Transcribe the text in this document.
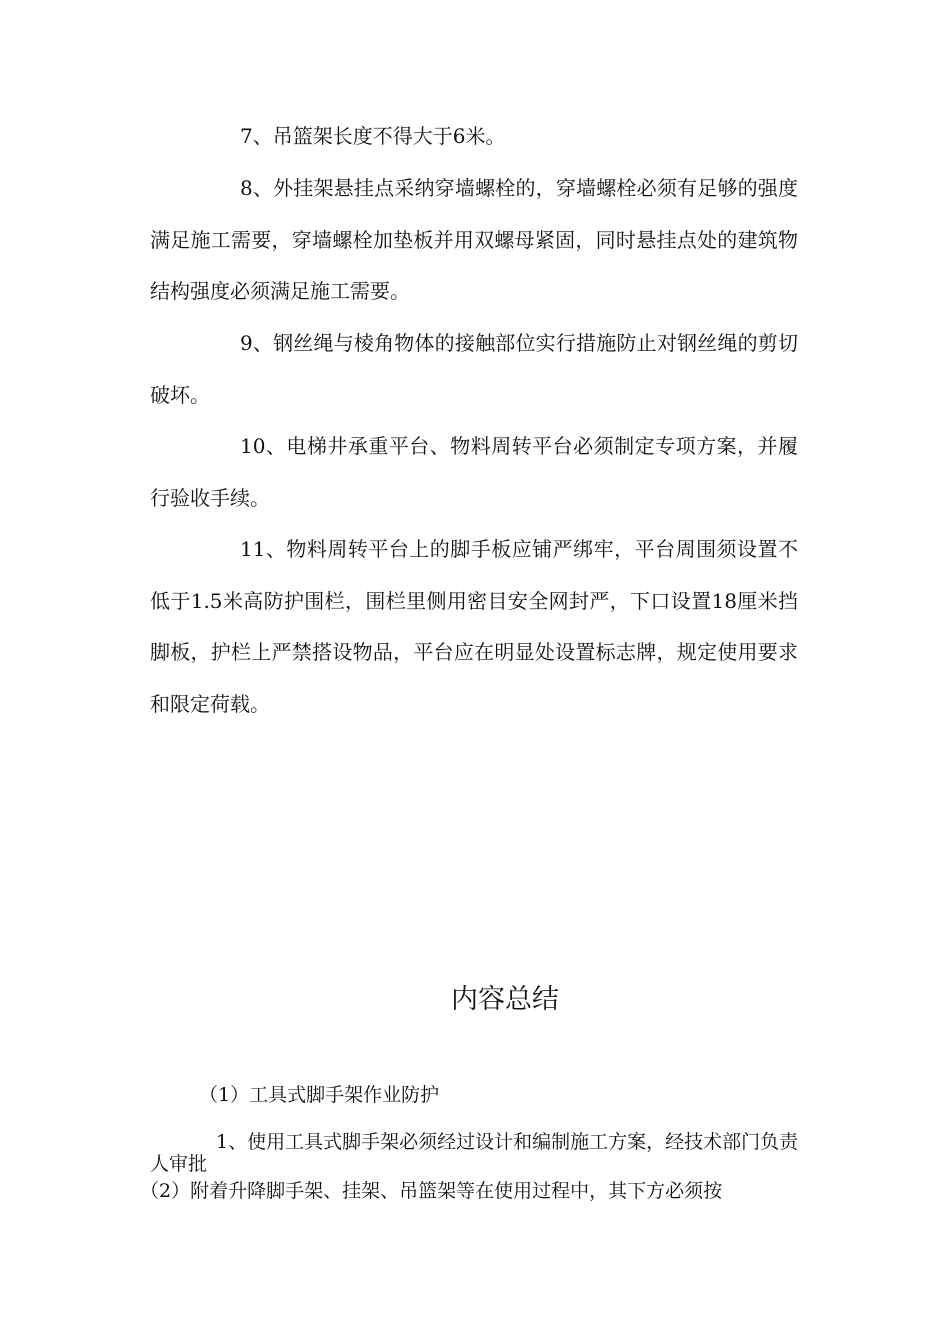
7、吊篮架长度不得大于6米。

8、外挂架悬挂点采纳穿墙螺栓的，穿墙螺栓必须有足够的强度满足施工需要，穿墙螺栓加垫板并用双螺母紧固，同时悬挂点处的建筑物结构强度必须满足施工需要。

9、钢丝绳与棱角物体的接触部位实行措施防止对钢丝绳的剪切破坏。

10、电梯井承重平台、物料周转平台必须制定专项方案，并履行验收手续。

11、物料周转平台上的脚手板应铺严绑牢，平台周围须设置不低于1.5米高防护围栏，围栏里侧用密目安全网封严，下口设置18厘米挡脚板，护栏上严禁搭设物品，平台应在明显处设置标志牌，规定使用要求和限定荷载。

内容总结

（1）工具式脚手架作业防护

1、使用工具式脚手架必须经过设计和编制施工方案，经技术部门负责人审批

（2）附着升降脚手架、挂架、吊篮架等在使用过程中，其下方必须按
